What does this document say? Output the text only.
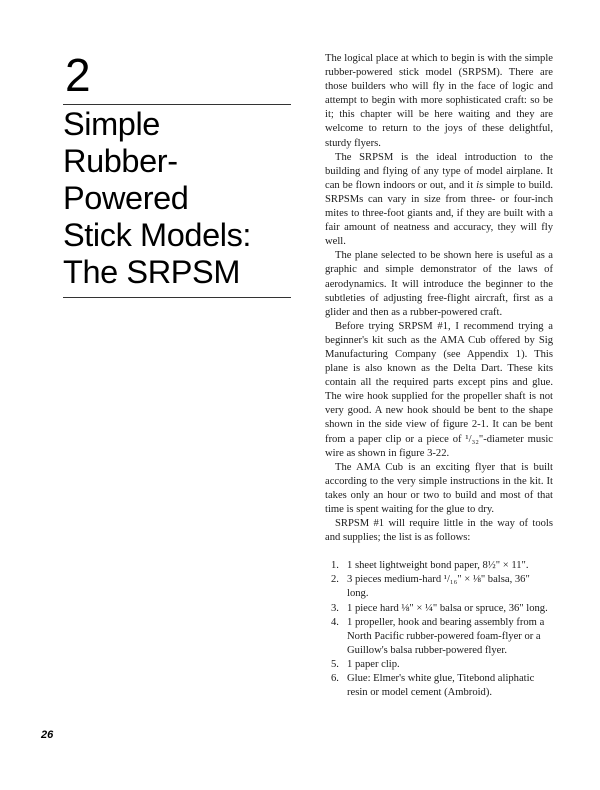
2
Simple
Rubber-
Powered
Stick Models:
The SRPSM

The logical place at which to begin is with the simple rubber-powered stick model (SRPSM). There are those builders who will fly in the face of logic and attempt to begin with more sophisticated craft: so be it; this chapter will be here waiting and they are welcome to return to the joys of these delightful, sturdy flyers.

The SRPSM is the ideal introduction to the building and flying of any type of model airplane. It can be flown indoors or out, and it is simple to build. SRPSMs can vary in size from three- or four-inch mites to three-foot giants and, if they are built with a fair amount of neatness and accuracy, they will fly well.

The plane selected to be shown here is useful as a graphic and simple demonstrator of the laws of aerodynamics. It will introduce the beginner to the subtleties of adjusting free-flight aircraft, first as a glider and then as a rubber-powered craft.

Before trying SRPSM #1, I recommend trying a beginner's kit such as the AMA Cub offered by Sig Manufacturing Company (see Appendix 1). This plane is also known as the Delta Dart. These kits contain all the required parts except pins and glue. The wire hook supplied for the propeller shaft is not very good. A new hook should be bent to the shape shown in the side view of figure 2-1. It can be bent from a paper clip or a piece of ¹/₃₂"-diameter music wire as shown in figure 3-22.

The AMA Cub is an exciting flyer that is built according to the very simple instructions in the kit. It takes only an hour or two to build and most of that time is spent waiting for the glue to dry.

SRPSM #1 will require little in the way of tools and supplies; the list is as follows:

1. 1 sheet lightweight bond paper, 8½" × 11".
2. 3 pieces medium-hard ¹/₁₆" × ⅛" balsa, 36" long.
3. 1 piece hard ⅛" × ¼" balsa or spruce, 36" long.
4. 1 propeller, hook and bearing assembly from a North Pacific rubber-powered foam-flyer or a Guillow's balsa rubber-powered flyer.
5. 1 paper clip.
6. Glue: Elmer's white glue, Titebond aliphatic resin or model cement (Ambroid).
26
